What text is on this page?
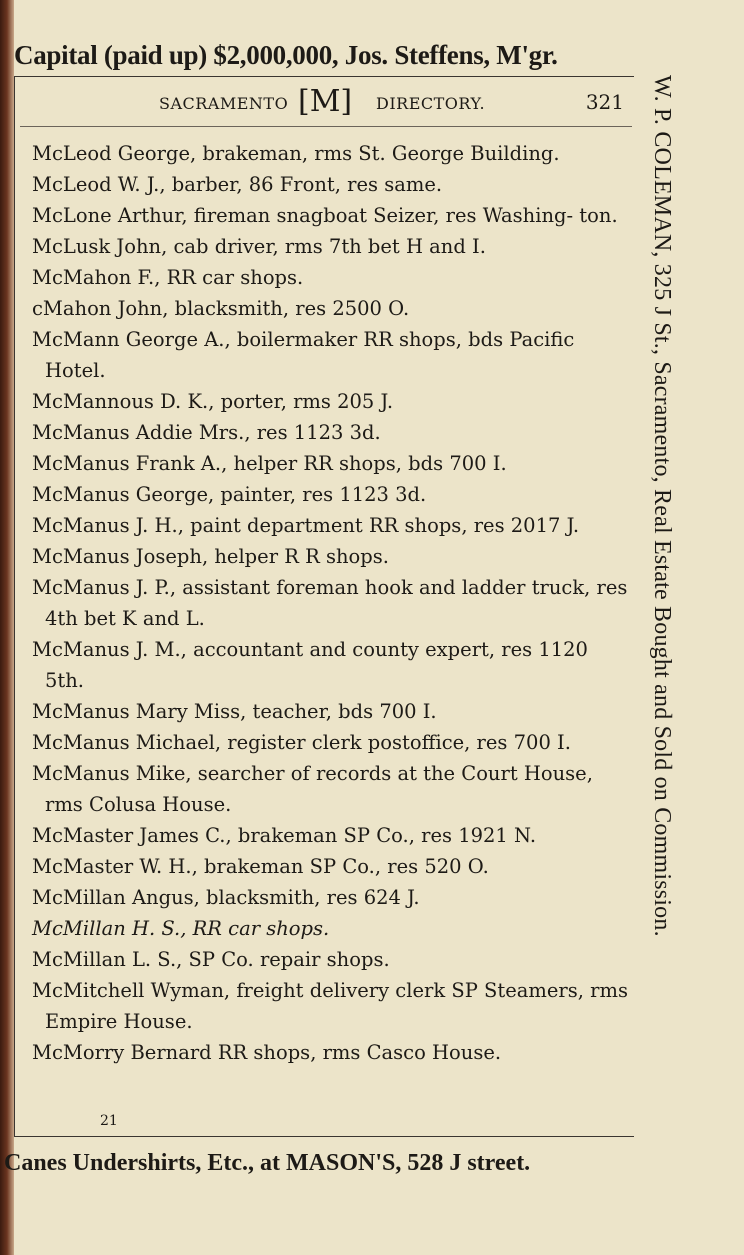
Capital (paid up) $2,000,000, Jos. Steffens, M'gr.
SACRAMENTO [M] DIRECTORY.	321

McLeod George, brakeman, rms St. George Building.

McLeod W. J., barber, 86 Front, res same.

McLone Arthur, fireman snagboat Seizer, res Washing- ton.

McLusk John, cab driver, rms 7th bet H and I.

McMahon F., RR car shops.

cMahon John, blacksmith, res 2500 O.

McMann George A., boilermaker RR shops, bds Pacific Hotel.

McMannous D. K., porter, rms 205 J.

McManus Addie Mrs., res 1123 3d.

McManus Frank A., helper RR shops, bds 700 I.

McManus George, painter, res 1123 3d.

McManus J. H., paint department RR shops, res 2017 J.

McManus Joseph, helper R R shops.

McManus J. P., assistant foreman hook and ladder truck, res 4th bet K and L.

McManus J. M., accountant and county expert, res 1120 5th.

McManus Mary Miss, teacher, bds 700 I.

McManus Michael, register clerk postoffice, res 700 I.

McManus Mike, searcher of records at the Court House, rms Colusa House.

McMaster James C., brakeman SP Co., res 1921 N.

McMaster W. H., brakeman SP Co., res 520 O.

McMillan Angus, blacksmith, res 624 J.

McMillan H. S., RR car shops.

McMillan L. S., SP Co. repair shops.

McMitchell Wyman, freight delivery clerk SP Steamers, rms Empire House.

McMorry Bernard RR shops, rms Casco House.

21
W. P. COLEMAN, 325 J St., Sacramento, Real Estate Bought and Sold on Commission.
Canes Undershirts, Etc., at MASON'S, 528 J street.
